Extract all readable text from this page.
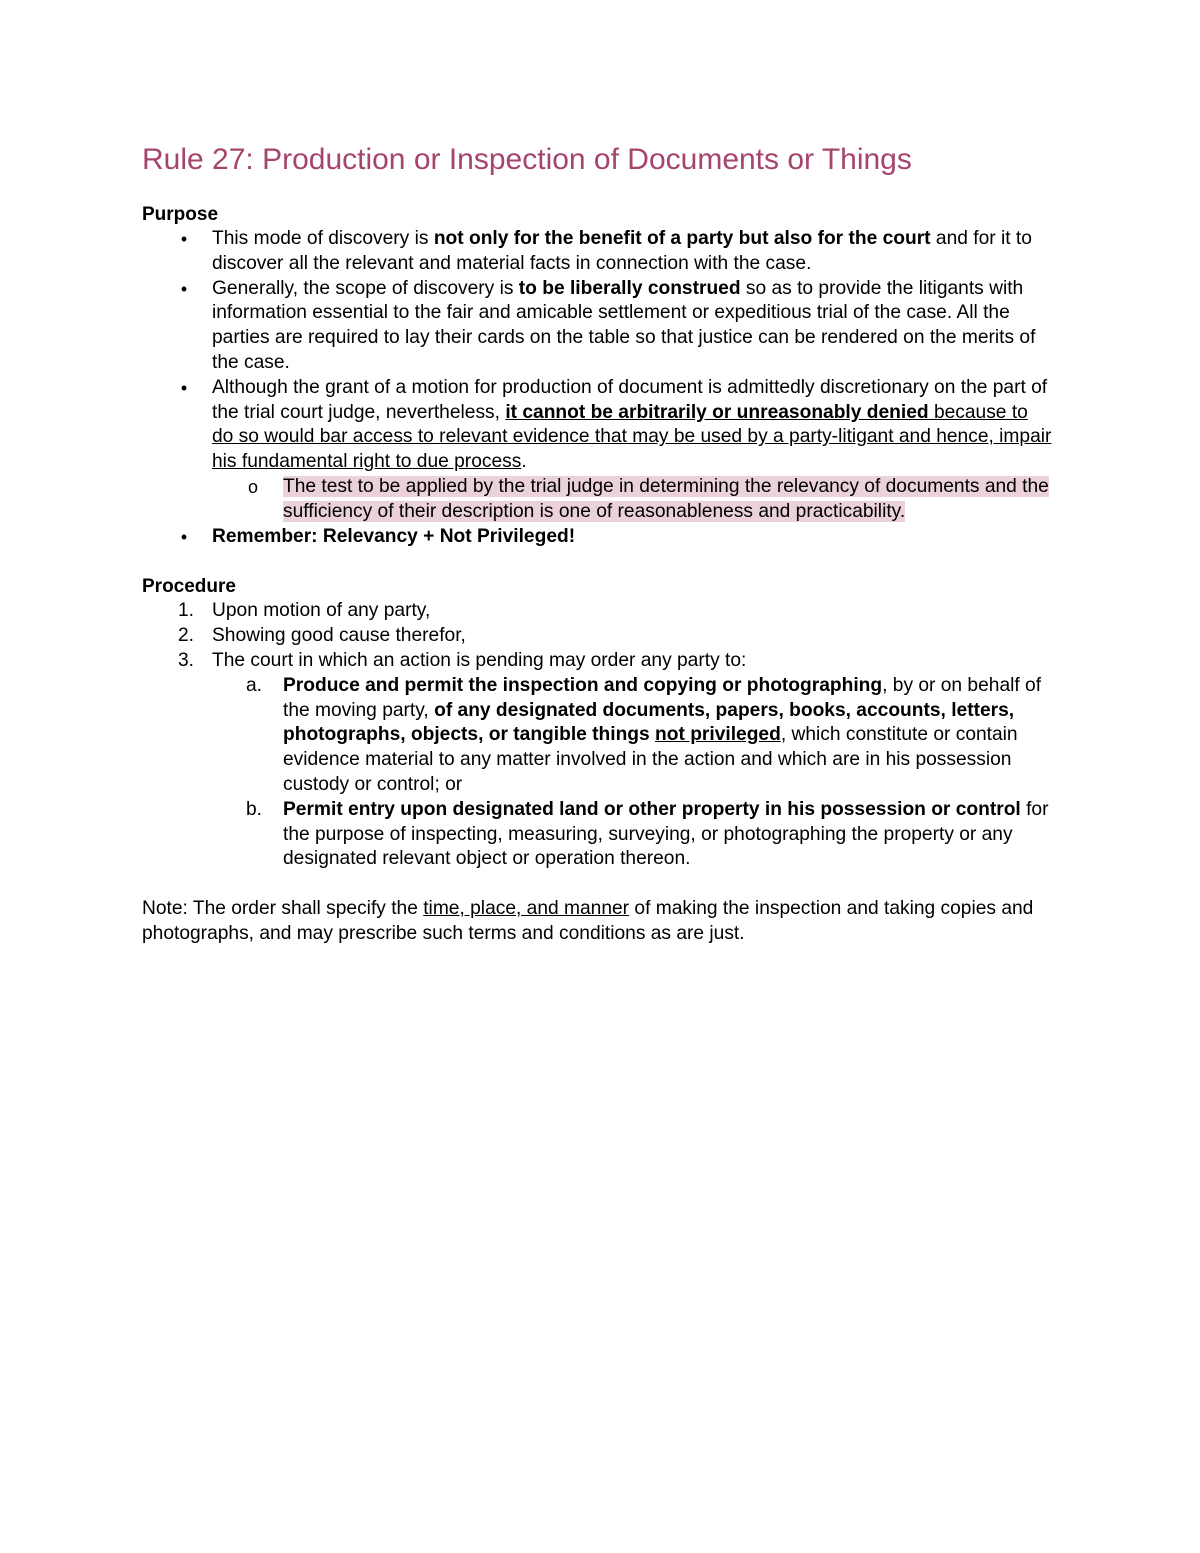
Rule 27: Production or Inspection of Documents or Things
Purpose
• This mode of discovery is not only for the benefit of a party but also for the court and for it to discover all the relevant and material facts in connection with the case.
• Generally, the scope of discovery is to be liberally construed so as to provide the litigants with information essential to the fair and amicable settlement or expeditious trial of the case. All the parties are required to lay their cards on the table so that justice can be rendered on the merits of the case.
• Although the grant of a motion for production of document is admittedly discretionary on the part of the trial court judge, nevertheless, it cannot be arbitrarily or unreasonably denied because to do so would bar access to relevant evidence that may be used by a party-litigant and hence, impair his fundamental right to due process.
o The test to be applied by the trial judge in determining the relevancy of documents and the sufficiency of their description is one of reasonableness and practicability.
• Remember: Relevancy + Not Privileged!
Procedure
1. Upon motion of any party,
2. Showing good cause therefor,
3. The court in which an action is pending may order any party to:
a. Produce and permit the inspection and copying or photographing, by or on behalf of the moving party, of any designated documents, papers, books, accounts, letters, photographs, objects, or tangible things not privileged, which constitute or contain evidence material to any matter involved in the action and which are in his possession custody or control; or
b. Permit entry upon designated land or other property in his possession or control for the purpose of inspecting, measuring, surveying, or photographing the property or any designated relevant object or operation thereon.

Note: The order shall specify the time, place, and manner of making the inspection and taking copies and photographs, and may prescribe such terms and conditions as are just.
